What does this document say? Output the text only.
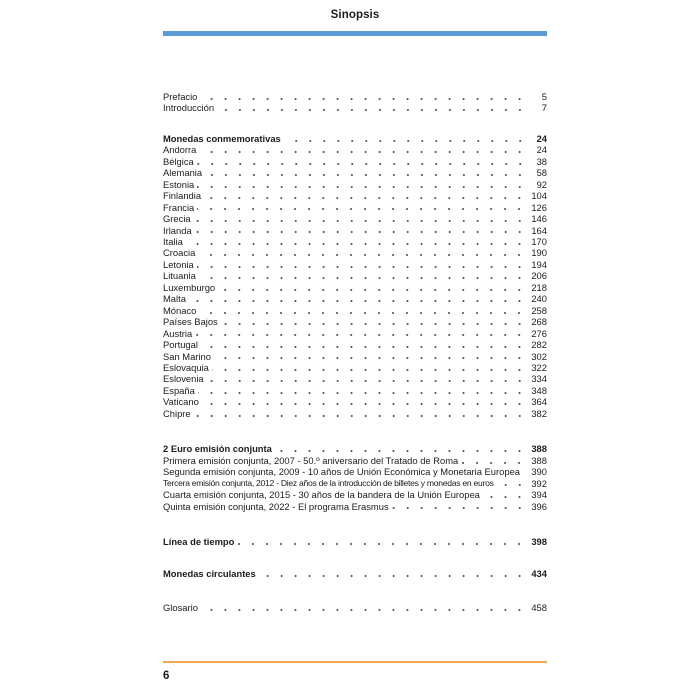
Sinopsis
Prefacio	5
Introducción	7
Monedas conmemorativas	24
Andorra	24
Bélgica	38
Alemania	58
Estonia	92
Finlandia	104
Francia	126
Grecia	146
Irlanda	164
Italia	170
Croacia	190
Letonia	194
Lituania	206
Luxemburgo	218
Malta	240
Mónaco	258
Países Bajos	268
Austria	276
Portugal	282
San Marino	302
Eslovaquia	322
Eslovenia	334
España	348
Vaticano	364
Chipre	382
2 Euro emisión conjunta	388
Primera emisión conjunta, 2007 - 50.º aniversario del Tratado de Roma	388
Segunda emisión conjunta, 2009 - 10 años de Unión Económica y Monetaria Europea	390
Tercera emisión conjunta, 2012 - Diez años de la introducción de billetes y monedas en euros	392
Cuarta emisión conjunta, 2015 - 30 años de la bandera de la Unión Europea	394
Quinta emisión conjunta, 2022 - El programa Erasmus	396
Línea de tiempo	398
Monedas circulantes	434
Glosario	458
6
